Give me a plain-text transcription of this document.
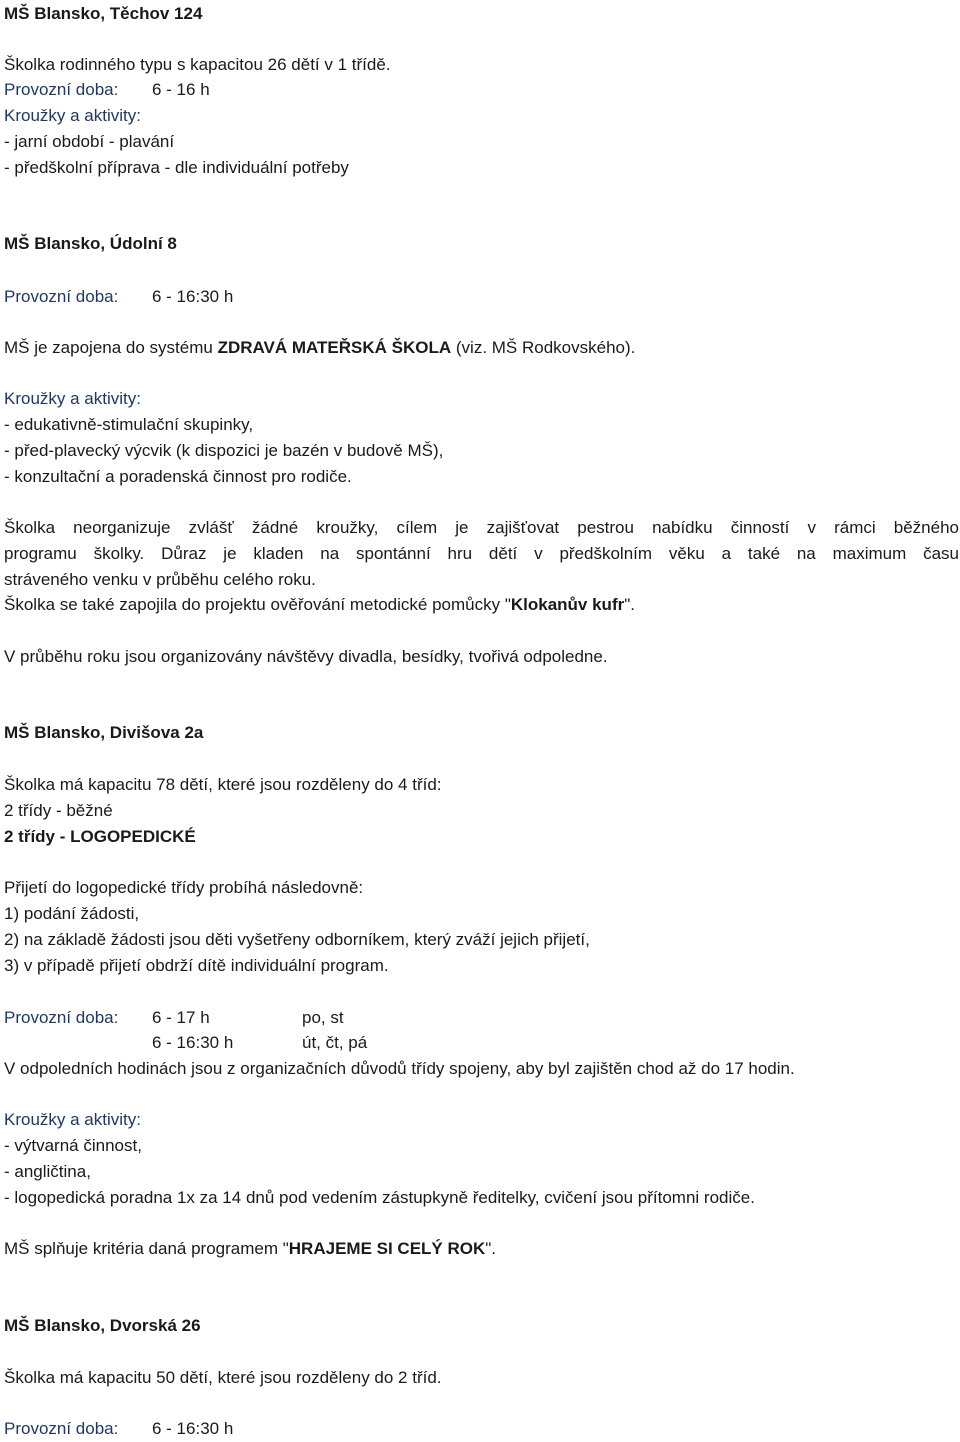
MŠ Blansko, Těchov 124
Školka rodinného typu s kapacitou 26 dětí v 1 třídě.
Provozní doba: 6 - 16 h
Kroužky a aktivity:
- jarní období - plavání
- předškolní příprava - dle individuální potřeby
MŠ Blansko, Údolní 8
Provozní doba: 6 - 16:30 h
MŠ je zapojena do systému ZDRAVÁ MATEŘSKÁ ŠKOLA (viz. MŠ Rodkovského).
Kroužky a aktivity:
- edukativně-stimulační skupinky,
- před-plavecký výcvik (k dispozici je bazén v budově MŠ),
- konzultační a poradenská činnost pro rodiče.
Školka neorganizuje zvlášť žádné kroužky, cílem je zajišťovat pestrou nabídku činností v rámci běžného
programu školky. Důraz je kladen na spontánní hru dětí v předškolním věku a také na maximum času
stráveného venku v průběhu celého roku.
Školka se také zapojila do projektu ověřování metodické pomůcky "Klokanův kufr".
V průběhu roku jsou organizovány návštěvy divadla, besídky, tvořivá odpoledne.
MŠ Blansko, Divišova 2a
Školka má kapacitu 78 dětí, které jsou rozděleny do 4 tříd:
2 třídy - běžné
2 třídy - LOGOPEDICKÉ
Přijetí do logopedické třídy probíhá následovně:
1) podání žádosti,
2) na základě žádosti jsou děti vyšetřeny odborníkem, který zváží jejich přijetí,
3) v případě přijetí obdrží dítě individuální program.
Provozní doba: 6 - 17 h	po, st
6 - 16:30 h	út, čt, pá
V odpoledních hodinách jsou z organizačních důvodů třídy spojeny, aby byl zajištěn chod až do 17 hodin.
Kroužky a aktivity:
- výtvarná činnost,
- angličtina,
- logopedická poradna 1x za 14 dnů pod vedením zástupkyně ředitelky, cvičení jsou přítomni rodiče.
MŠ splňuje kritéria daná programem "HRAJEME SI CELÝ ROK".
MŠ Blansko, Dvorská 26
Školka má kapacitu 50 dětí, které jsou rozděleny do 2 tříd.
Provozní doba: 6 - 16:30 h
